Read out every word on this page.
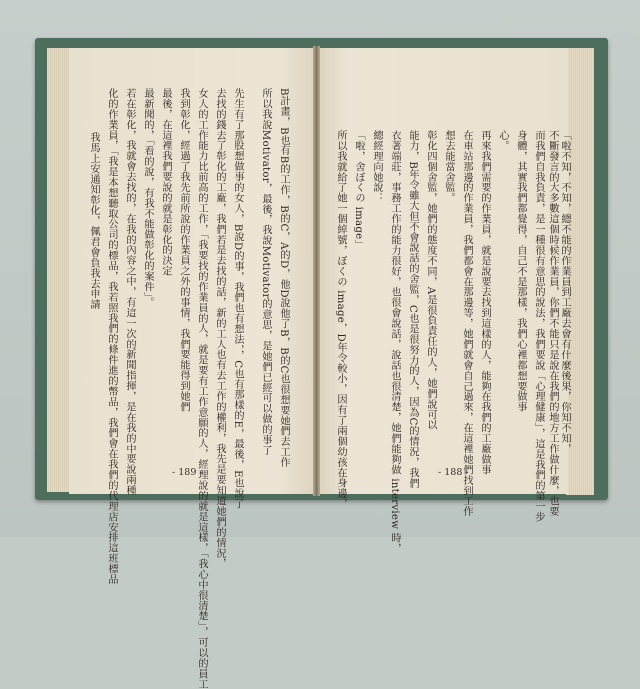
我馬上安通知彰化，佩君會負我去申請 化的作業員，「我是本想聽取公司的標品，我若照我們的條件進的幣品，我們會在我們的代理店安排這班標品 若在彰化，我就會去找的，在我的內容之中，有這一次的新聞指揮，是在我的中要說兩種 最新聞的，「看的說，有我不能做彰化的案件」。 最後，在這裡我們要說的就是彰化的決定 我到彰化，經過了我先前所說的作業員之外的事情，我們要能得到她們 女人的工作能力比前高的工作，「我要找的作業員的人，就是要有工作意願的人，經理說的就是這樣，「我心中很清楚」，可以的員工 去找的錢去了彰化的工廠，我們若是去找的話，新的工人也有去工作的權利，我先是要知道她們的情況， 先生有了那股想做事的女人，B說D的事，我們也有想法，，C也有那樣的E，最後，E也說了 所以我說Motivator，最後，我說Motivator的意思，是她們已經可以做的事了 B計畫，B也有B的工作，B的C，A的D，他D說他了B，B的C也很想要她們去工作
- 189 -	所以我就給了她一個綽號，ぼくの image，D年令較小，因有了兩個幼孩在身邊， 「啦，舍ぼくの image」 總經理向她說： 衣著端莊，事務工作的能力很好，也很會說話，說話也很清楚，她們能夠做 interview 時， 能力，B年令雖大但不會說話的舍監，C也是很努力的人，因為C的情況，我們 彰化四個舍監，她們的態度不同，A是很負責任的人，她們說可以 想去能當舍監。 在車站那邊的作業員，我們都會在那邊等，她們就會自己過來，在這裡她們找到工作 再來我們需要的作業員，就是說要去找到這樣的人，能夠在我們的工廠做事 心。 身體，其實我們都覺得，自己不是那樣，我們心裡都想要做事 而我們自我負責，是一種很有意思的說法，我們要說「心理健康」，這是我們的第一步 不斷發言的大多數這個時候作業員，你們不能只是說在我們的地方工作做什麼，也要 「啦不知，不知，總不能的作業員到工廠去會有什麼後果，你知不知，
- 188 -
